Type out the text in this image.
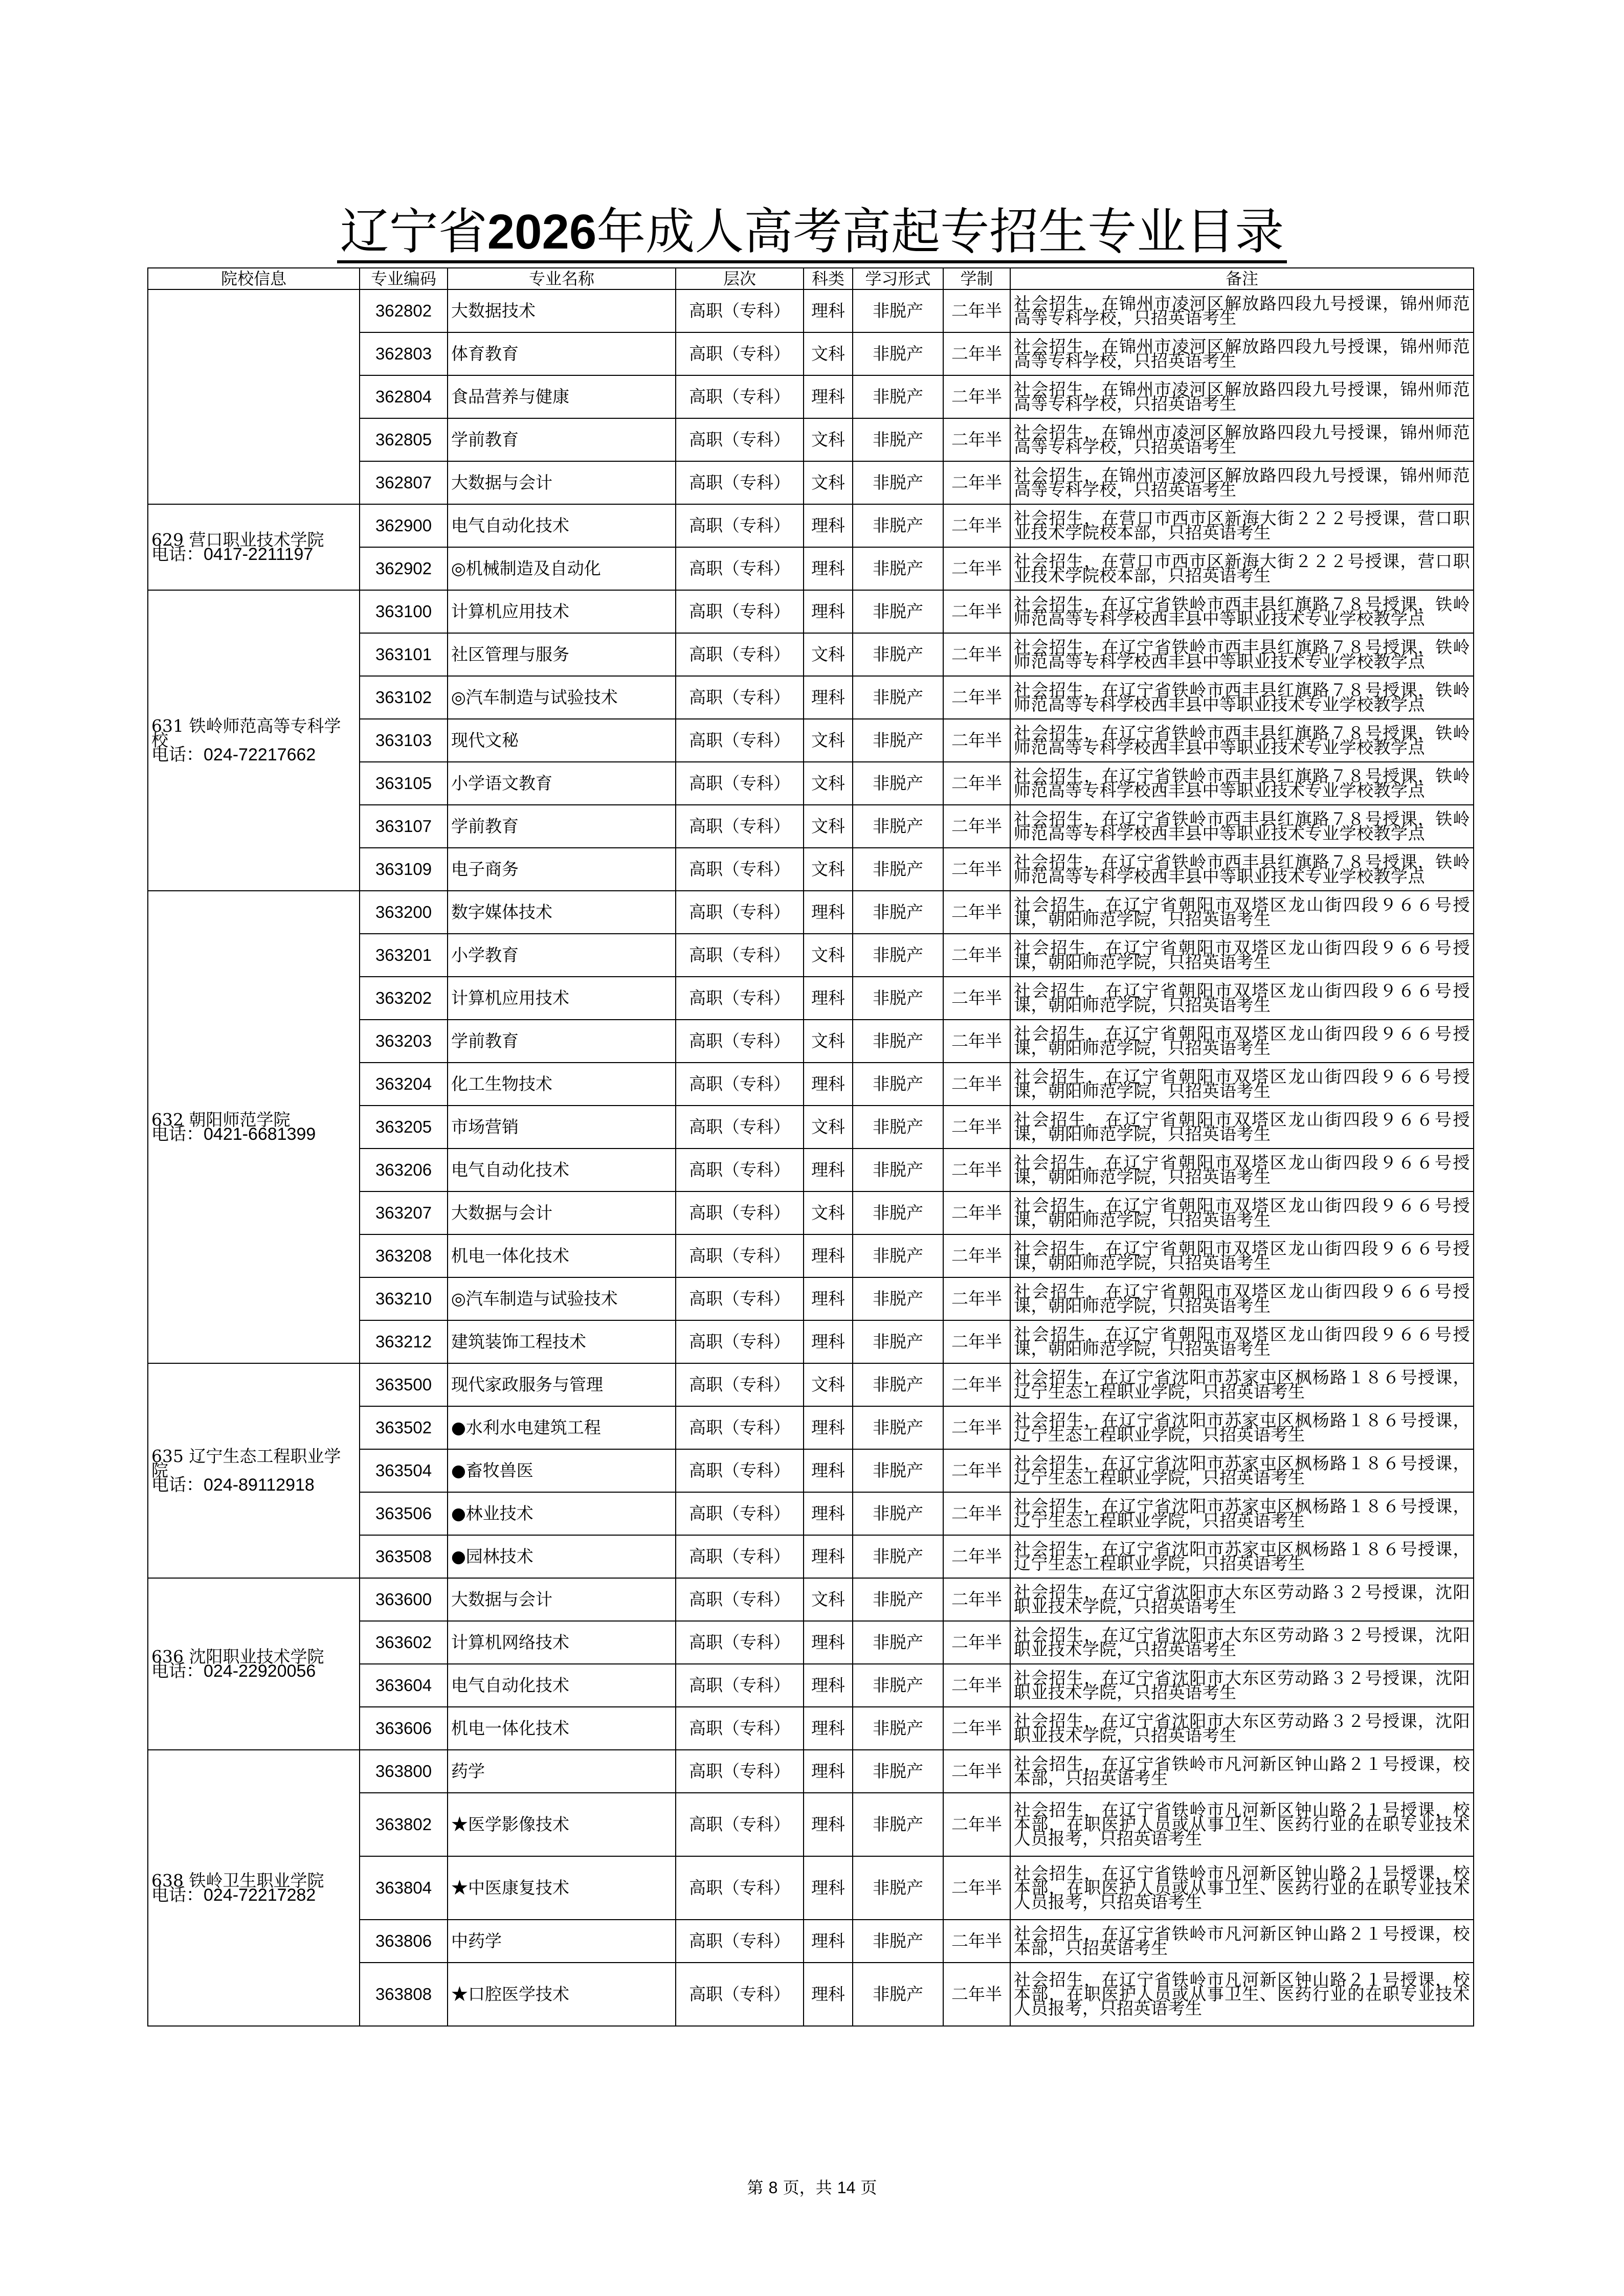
辽宁省2026年成人高考高起专招生专业目录
院校信息	专业编码	专业名称	层次	科类	学习形式	学制	备注

	362802	大数据技术	高职（专科）	理科	非脱产	二年半	社会招生，在锦州市凌河区解放路四段九号授课，锦州师范高等专科学校，只招英语考生
	362803	体育教育	高职（专科）	文科	非脱产	二年半	社会招生，在锦州市凌河区解放路四段九号授课，锦州师范高等专科学校，只招英语考生
	362804	食品营养与健康	高职（专科）	理科	非脱产	二年半	社会招生，在锦州市凌河区解放路四段九号授课，锦州师范高等专科学校，只招英语考生
	362805	学前教育	高职（专科）	文科	非脱产	二年半	社会招生，在锦州市凌河区解放路四段九号授课，锦州师范高等专科学校，只招英语考生
	362807	大数据与会计	高职（专科）	文科	非脱产	二年半	社会招生，在锦州市凌河区解放路四段九号授课，锦州师范高等专科学校，只招英语考生

629 营口职业技术学院
电话：0417-2211197	362900	电气自动化技术	高职（专科）	理科	非脱产	二年半	社会招生，在营口市西市区新海大街２２２号授课，营口职业技术学院校本部，只招英语考生
	362902	◎机械制造及自动化	高职（专科）	理科	非脱产	二年半	社会招生，在营口市西市区新海大街２２２号授课，营口职业技术学院校本部，只招英语考生

631 铁岭师范高等专科学校
电话：024-72217662	363100	计算机应用技术	高职（专科）	理科	非脱产	二年半	社会招生，在辽宁省铁岭市西丰县红旗路７８号授课，铁岭师范高等专科学校西丰县中等职业技术专业学校教学点
	363101	社区管理与服务	高职（专科）	文科	非脱产	二年半	社会招生，在辽宁省铁岭市西丰县红旗路７８号授课，铁岭师范高等专科学校西丰县中等职业技术专业学校教学点
	363102	◎汽车制造与试验技术	高职（专科）	理科	非脱产	二年半	社会招生，在辽宁省铁岭市西丰县红旗路７８号授课，铁岭师范高等专科学校西丰县中等职业技术专业学校教学点
	363103	现代文秘	高职（专科）	文科	非脱产	二年半	社会招生，在辽宁省铁岭市西丰县红旗路７８号授课，铁岭师范高等专科学校西丰县中等职业技术专业学校教学点
	363105	小学语文教育	高职（专科）	文科	非脱产	二年半	社会招生，在辽宁省铁岭市西丰县红旗路７８号授课，铁岭师范高等专科学校西丰县中等职业技术专业学校教学点
	363107	学前教育	高职（专科）	文科	非脱产	二年半	社会招生，在辽宁省铁岭市西丰县红旗路７８号授课，铁岭师范高等专科学校西丰县中等职业技术专业学校教学点
	363109	电子商务	高职（专科）	文科	非脱产	二年半	社会招生，在辽宁省铁岭市西丰县红旗路７８号授课，铁岭师范高等专科学校西丰县中等职业技术专业学校教学点

632 朝阳师范学院
电话：0421-6681399	363200	数字媒体技术	高职（专科）	理科	非脱产	二年半	社会招生，在辽宁省朝阳市双塔区龙山街四段９６６号授课，朝阳师范学院，只招英语考生
	363201	小学教育	高职（专科）	文科	非脱产	二年半	社会招生，在辽宁省朝阳市双塔区龙山街四段９６６号授课，朝阳师范学院，只招英语考生
	363202	计算机应用技术	高职（专科）	理科	非脱产	二年半	社会招生，在辽宁省朝阳市双塔区龙山街四段９６６号授课，朝阳师范学院，只招英语考生
	363203	学前教育	高职（专科）	文科	非脱产	二年半	社会招生，在辽宁省朝阳市双塔区龙山街四段９６６号授课，朝阳师范学院，只招英语考生
	363204	化工生物技术	高职（专科）	理科	非脱产	二年半	社会招生，在辽宁省朝阳市双塔区龙山街四段９６６号授课，朝阳师范学院，只招英语考生
	363205	市场营销	高职（专科）	文科	非脱产	二年半	社会招生，在辽宁省朝阳市双塔区龙山街四段９６６号授课，朝阳师范学院，只招英语考生
	363206	电气自动化技术	高职（专科）	理科	非脱产	二年半	社会招生，在辽宁省朝阳市双塔区龙山街四段９６６号授课，朝阳师范学院，只招英语考生
	363207	大数据与会计	高职（专科）	文科	非脱产	二年半	社会招生，在辽宁省朝阳市双塔区龙山街四段９６６号授课，朝阳师范学院，只招英语考生
	363208	机电一体化技术	高职（专科）	理科	非脱产	二年半	社会招生，在辽宁省朝阳市双塔区龙山街四段９６６号授课，朝阳师范学院，只招英语考生
	363210	◎汽车制造与试验技术	高职（专科）	理科	非脱产	二年半	社会招生，在辽宁省朝阳市双塔区龙山街四段９６６号授课，朝阳师范学院，只招英语考生
	363212	建筑装饰工程技术	高职（专科）	理科	非脱产	二年半	社会招生，在辽宁省朝阳市双塔区龙山街四段９６６号授课，朝阳师范学院，只招英语考生

635 辽宁生态工程职业学院
电话：024-89112918	363500	现代家政服务与管理	高职（专科）	文科	非脱产	二年半	社会招生，在辽宁省沈阳市苏家屯区枫杨路１８６号授课，辽宁生态工程职业学院，只招英语考生
	363502	●水利水电建筑工程	高职（专科）	理科	非脱产	二年半	社会招生，在辽宁省沈阳市苏家屯区枫杨路１８６号授课，辽宁生态工程职业学院，只招英语考生
	363504	●畜牧兽医	高职（专科）	理科	非脱产	二年半	社会招生，在辽宁省沈阳市苏家屯区枫杨路１８６号授课，辽宁生态工程职业学院，只招英语考生
	363506	●林业技术	高职（专科）	理科	非脱产	二年半	社会招生，在辽宁省沈阳市苏家屯区枫杨路１８６号授课，辽宁生态工程职业学院，只招英语考生
	363508	●园林技术	高职（专科）	理科	非脱产	二年半	社会招生，在辽宁省沈阳市苏家屯区枫杨路１８６号授课，辽宁生态工程职业学院，只招英语考生

636 沈阳职业技术学院
电话：024-22920056	363600	大数据与会计	高职（专科）	文科	非脱产	二年半	社会招生，在辽宁省沈阳市大东区劳动路３２号授课，沈阳职业技术学院，只招英语考生
	363602	计算机网络技术	高职（专科）	理科	非脱产	二年半	社会招生，在辽宁省沈阳市大东区劳动路３２号授课，沈阳职业技术学院，只招英语考生
	363604	电气自动化技术	高职（专科）	理科	非脱产	二年半	社会招生，在辽宁省沈阳市大东区劳动路３２号授课，沈阳职业技术学院，只招英语考生
	363606	机电一体化技术	高职（专科）	理科	非脱产	二年半	社会招生，在辽宁省沈阳市大东区劳动路３２号授课，沈阳职业技术学院，只招英语考生

638 铁岭卫生职业学院
电话：024-72217282	363800	药学	高职（专科）	理科	非脱产	二年半	社会招生，在辽宁省铁岭市凡河新区钟山路２１号授课，校本部，只招英语考生
	363802	★医学影像技术	高职（专科）	理科	非脱产	二年半	社会招生，在辽宁省铁岭市凡河新区钟山路２１号授课，校本部，在职医护人员或从事卫生、医药行业的在职专业技术人员报考，只招英语考生
	363804	★中医康复技术	高职（专科）	理科	非脱产	二年半	社会招生，在辽宁省铁岭市凡河新区钟山路２１号授课，校本部，在职医护人员或从事卫生、医药行业的在职专业技术人员报考，只招英语考生
	363806	中药学	高职（专科）	理科	非脱产	二年半	社会招生，在辽宁省铁岭市凡河新区钟山路２１号授课，校本部，只招英语考生
	363808	★口腔医学技术	高职（专科）	理科	非脱产	二年半	社会招生，在辽宁省铁岭市凡河新区钟山路２１号授课，校本部，在职医护人员或从事卫生、医药行业的在职专业技术人员报考，只招英语考生
第 8 页，共 14 页
